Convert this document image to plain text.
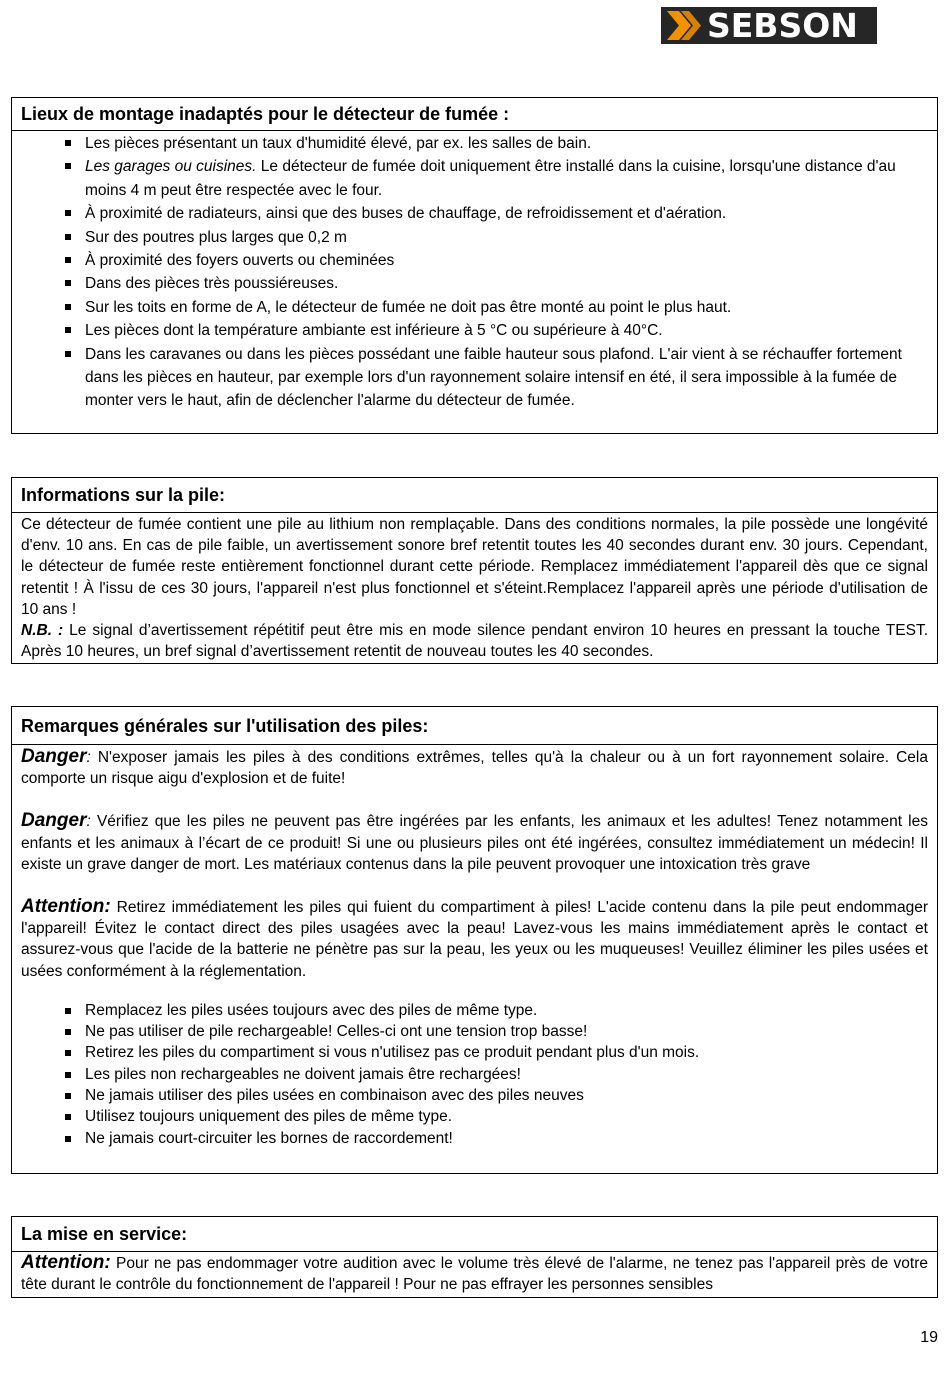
SEBSON
Lieux de montage inadaptés pour le détecteur de fumée :
Les pièces présentant un taux d'humidité élevé, par ex. les salles de bain.
Les garages ou cuisines. Le détecteur de fumée doit uniquement être installé dans la cuisine, lorsqu'une distance d'au moins 4 m peut être respectée avec le four.
À proximité de radiateurs, ainsi que des buses de chauffage, de refroidissement et d'aération.
Sur des poutres plus larges que 0,2 m
À proximité des foyers ouverts ou cheminées
Dans des pièces très poussiéreuses.
Sur les toits en forme de A, le détecteur de fumée ne doit pas être monté au point le plus haut.
Les pièces dont la température ambiante est inférieure à 5 °C ou supérieure à 40°C.
Dans les caravanes ou dans les pièces possédant une faible hauteur sous plafond. L'air vient à se réchauffer fortement dans les pièces en hauteur, par exemple lors d'un rayonnement solaire intensif en été, il sera impossible à la fumée de monter vers le haut, afin de déclencher l'alarme du détecteur de fumée.
Informations sur la pile:

Ce détecteur de fumée contient une pile au lithium non remplaçable. Dans des conditions normales, la pile possède une longévité d'env. 10 ans. En cas de pile faible, un avertissement sonore bref retentit toutes les 40 secondes durant env. 30 jours. Cependant, le détecteur de fumée reste entièrement fonctionnel durant cette période. Remplacez immédiatement l'appareil dès que ce signal retentit ! À l'issu de ces 30 jours, l'appareil n'est plus fonctionnel et s'éteint.Remplacez l'appareil après une période d'utilisation de 10 ans !

N.B. : Le signal d’avertissement répétitif peut être mis en mode silence pendant environ 10 heures en pressant la touche TEST. Après 10 heures, un bref signal d’avertissement retentit de nouveau toutes les 40 secondes.

Remarques générales sur l'utilisation des piles:

Danger: N'exposer jamais les piles à des conditions extrêmes, telles qu'à la chaleur ou à un fort rayonnement solaire. Cela comporte un risque aigu d'explosion et de fuite!

Danger: Vérifiez que les piles ne peuvent pas être ingérées par les enfants, les animaux et les adultes! Tenez notamment les enfants et les animaux à l’écart de ce produit! Si une ou plusieurs piles ont été ingérées, consultez immédiatement un médecin! Il existe un grave danger de mort. Les matériaux contenus dans la pile peuvent provoquer une intoxication très grave

Attention: Retirez immédiatement les piles qui fuient du compartiment à piles! L'acide contenu dans la pile peut endommager l'appareil! Évitez le contact direct des piles usagées avec la peau! Lavez-vous les mains immédiatement après le contact et assurez-vous que l'acide de la batterie ne pénètre pas sur la peau, les yeux ou les muqueuses! Veuillez éliminer les piles usées et usées conformément à la réglementation.

Remplacez les piles usées toujours avec des piles de même type.
Ne pas utiliser de pile rechargeable! Celles-ci ont une tension trop basse!
Retirez les piles du compartiment si vous n'utilisez pas ce produit pendant plus d'un mois.
Les piles non rechargeables ne doivent jamais être rechargées!
Ne jamais utiliser des piles usées en combinaison avec des piles neuves
Utilisez toujours uniquement des piles de même type.
Ne jamais court-circuiter les bornes de raccordement!
La mise en service:

Attention: Pour ne pas endommager votre audition avec le volume très élevé de l'alarme, ne tenez pas l'appareil près de votre tête durant le contrôle du fonctionnement de l'appareil ! Pour ne pas effrayer les personnes sensibles

19
